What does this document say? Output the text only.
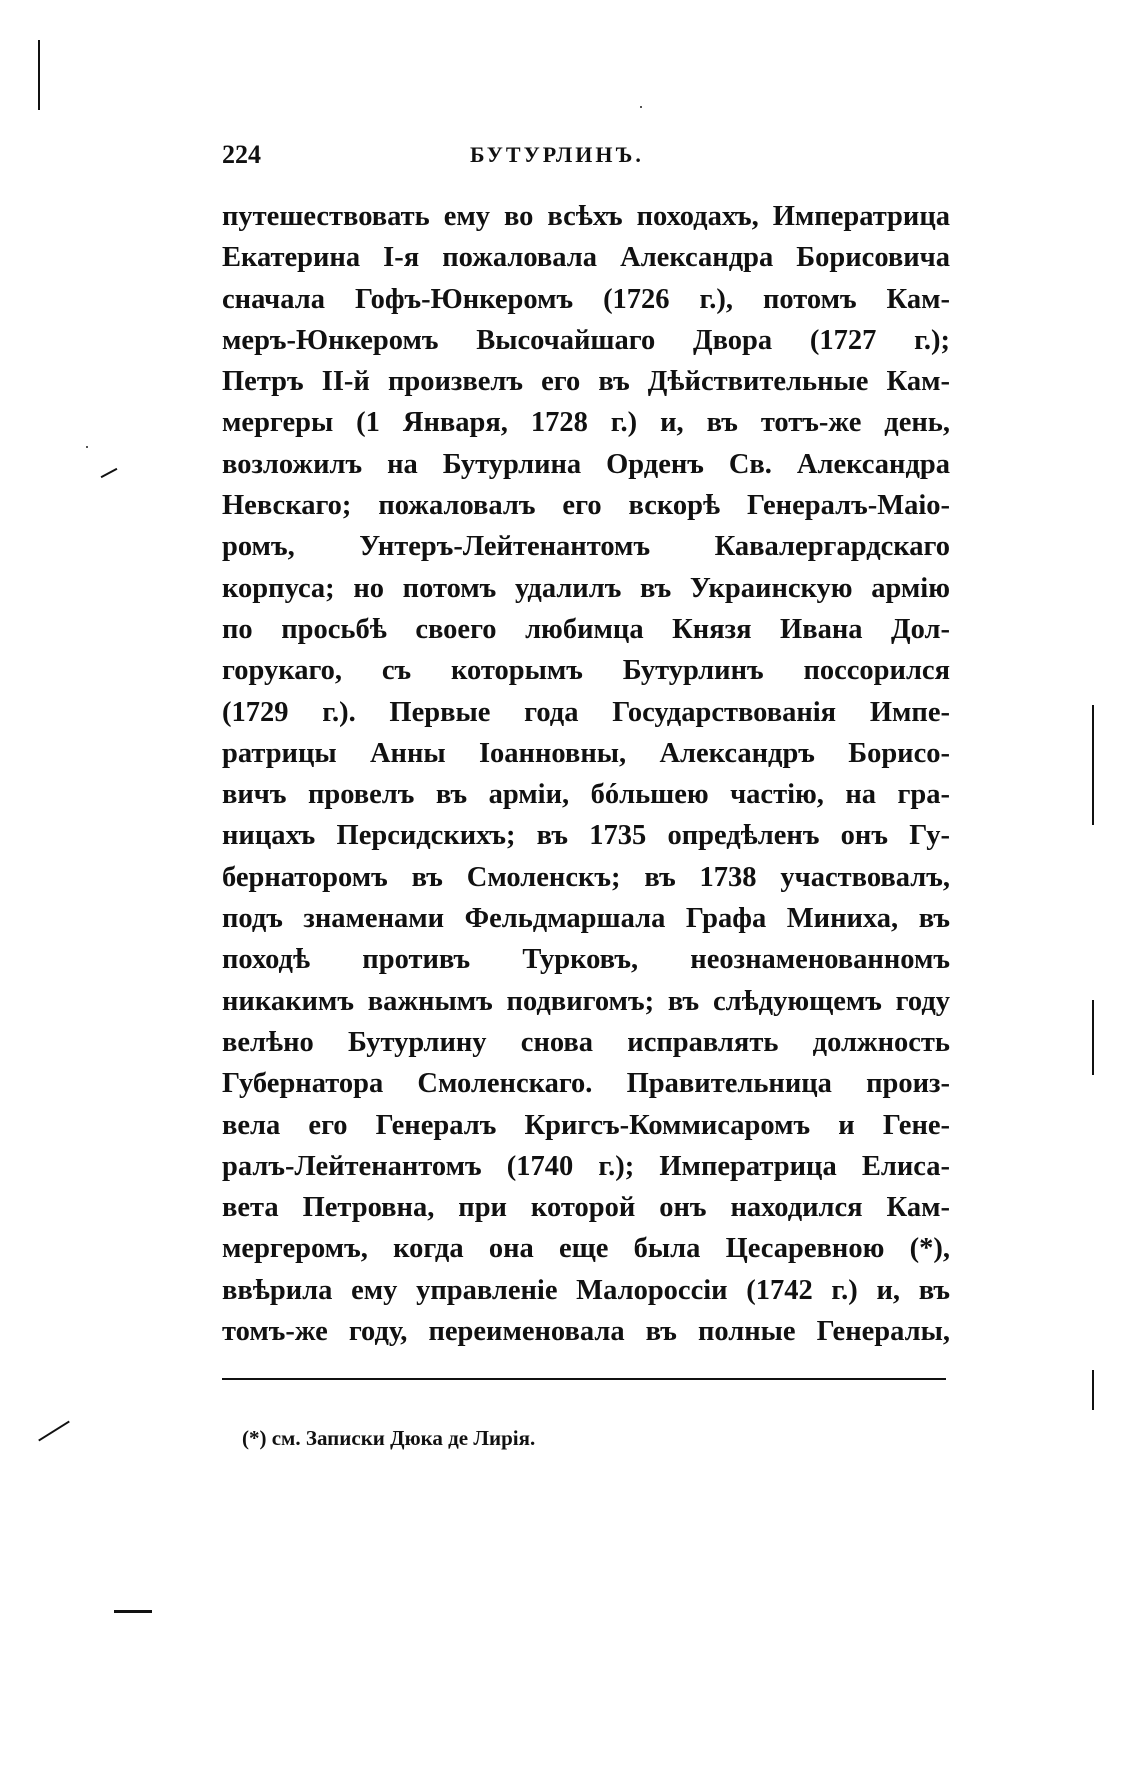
224	БУТУРЛИНЪ.
путешествовать ему во всѣхъ походахъ, Императрица
Екатерина I-я пожаловала Александра Борисовича
сначала Гофъ-Юнкеромъ (1726 г.), потомъ Кам-
меръ-Юнкеромъ Высочайшаго Двора (1727 г.);
Петръ II-й произвелъ его въ Дѣйствительные Кам-
мергеры (1 Января, 1728 г.) и, въ тотъ-же день,
возложилъ на Бутурлина Орденъ Св. Александра
Невскаго; пожаловалъ его вскорѣ Генералъ-Маіо-
ромъ, Унтеръ-Лейтенантомъ Кавалергардскаго
корпуса; но потомъ удалилъ въ Украинскую армію
по просьбѣ своего любимца Князя Ивана Дол-
горукаго, съ которымъ Бутурлинъ поссорился
(1729 г.). Первые года Государствованія Импе-
ратрицы Анны Іоанновны, Александръ Борисо-
вичъ провелъ въ арміи, бóльшею частію, на гра-
ницахъ Персидскихъ; въ 1735 опредѣленъ онъ Гу-
бернаторомъ въ Смоленскъ; въ 1738 участвовалъ,
подъ знаменами Фельдмаршала Графа Миниха, въ
походѣ противъ Турковъ, неознаменованномъ
никакимъ важнымъ подвигомъ; въ слѣдующемъ году
велѣно Бутурлину снова исправлять должность
Губернатора Смоленскаго. Правительница произ-
вела его Генералъ Кригсъ-Коммисаромъ и Гене-
ралъ-Лейтенантомъ (1740 г.); Императрица Елиса-
вета Петровна, при которой онъ находился Кам-
мергеромъ, когда она еще была Цесаревною (*),
ввѣрила ему управленіе Малороссіи (1742 г.) и, въ
томъ-же году, переименовала въ полные Генералы,
(*) см. Записки Дюка де Лирія.
